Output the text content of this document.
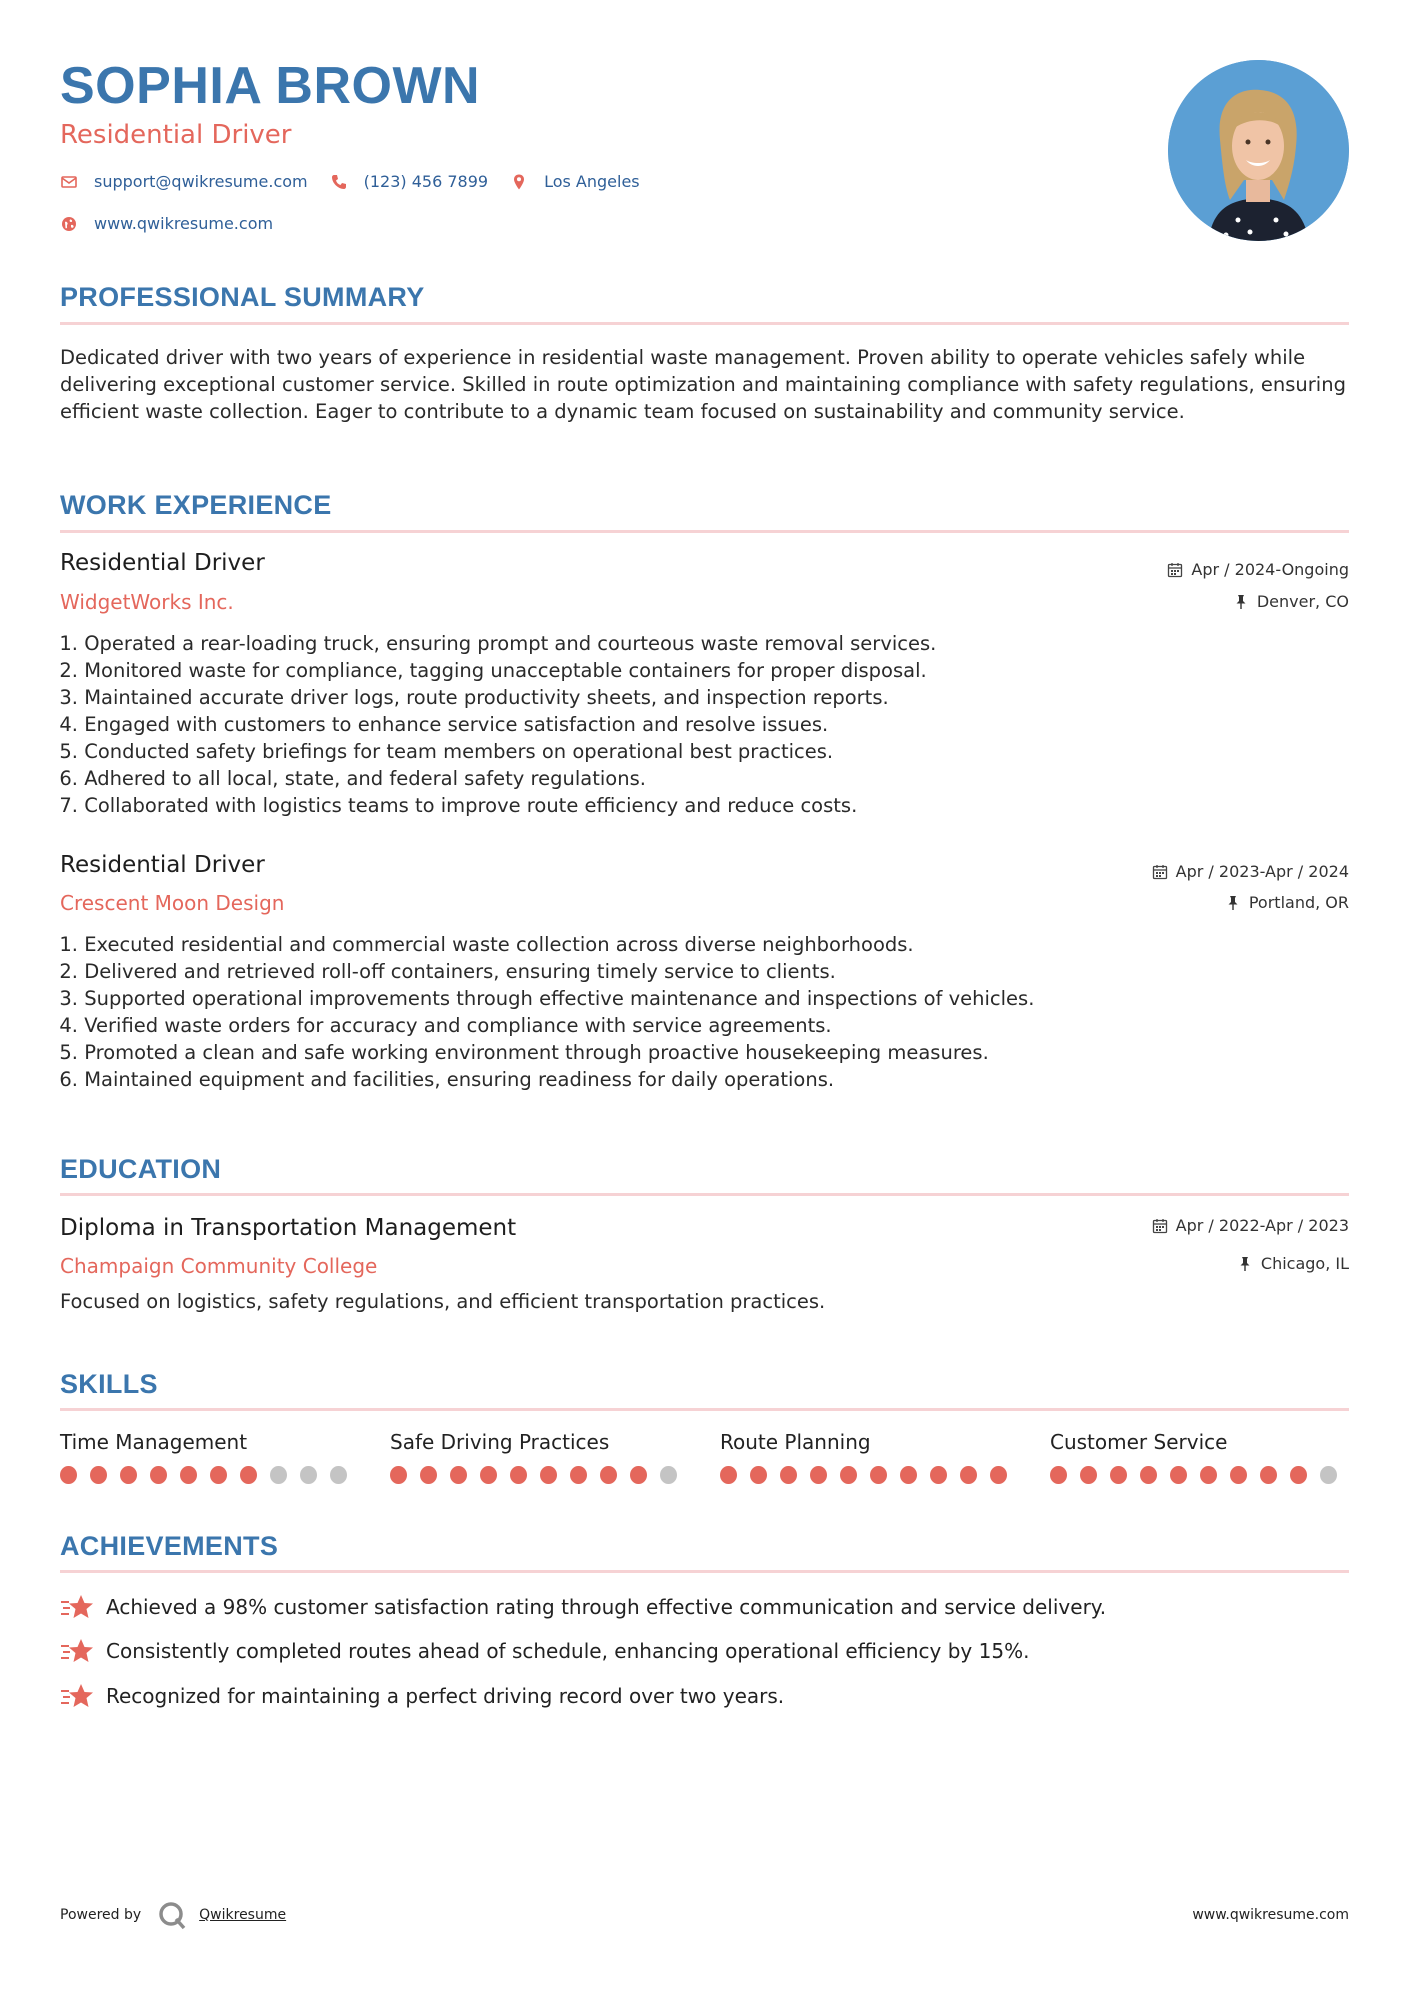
SOPHIA BROWN
Residential Driver
support@qwikresume.com	(123) 456 7899	Los Angeles
www.qwikresume.com
PROFESSIONAL SUMMARY

Dedicated driver with two years of experience in residential waste management. Proven ability to operate vehicles safely while delivering exceptional customer service. Skilled in route optimization and maintaining compliance with safety regulations, ensuring efficient waste collection. Eager to contribute to a dynamic team focused on sustainability and community service.

WORK EXPERIENCE
Residential Driver
WidgetWorks Inc.
Apr / 2024-Ongoing
Denver, CO
1.
Operated a rear-loading truck, ensuring prompt and courteous waste removal services.
2.
Monitored waste for compliance, tagging unacceptable containers for proper disposal.
3.
Maintained accurate driver logs, route productivity sheets, and inspection reports.
4.
Engaged with customers to enhance service satisfaction and resolve issues.
5.
Conducted safety briefings for team members on operational best practices.
6.
Adhered to all local, state, and federal safety regulations.
7.
Collaborated with logistics teams to improve route efficiency and reduce costs.
Residential Driver
Crescent Moon Design
Apr / 2023-Apr / 2024
Portland, OR
1.
Executed residential and commercial waste collection across diverse neighborhoods.
2.
Delivered and retrieved roll-off containers, ensuring timely service to clients.
3.
Supported operational improvements through effective maintenance and inspections of vehicles.
4.
Verified waste orders for accuracy and compliance with service agreements.
5.
Promoted a clean and safe working environment through proactive housekeeping measures.
6.
Maintained equipment and facilities, ensuring readiness for daily operations.
EDUCATION
Diploma in Transportation Management
Champaign Community College
Apr / 2022-Apr / 2023
Chicago, IL
Focused on logistics, safety regulations, and efficient transportation practices.
SKILLS
Time Management	Safe Driving Practices	Route Planning	Customer Service
ACHIEVEMENTS
Achieved a 98% customer satisfaction rating through effective communication and service delivery.
Consistently completed routes ahead of schedule, enhancing operational efficiency by 15%.
Recognized for maintaining a perfect driving record over two years.
Powered by	Qwikresume	www.qwikresume.com
